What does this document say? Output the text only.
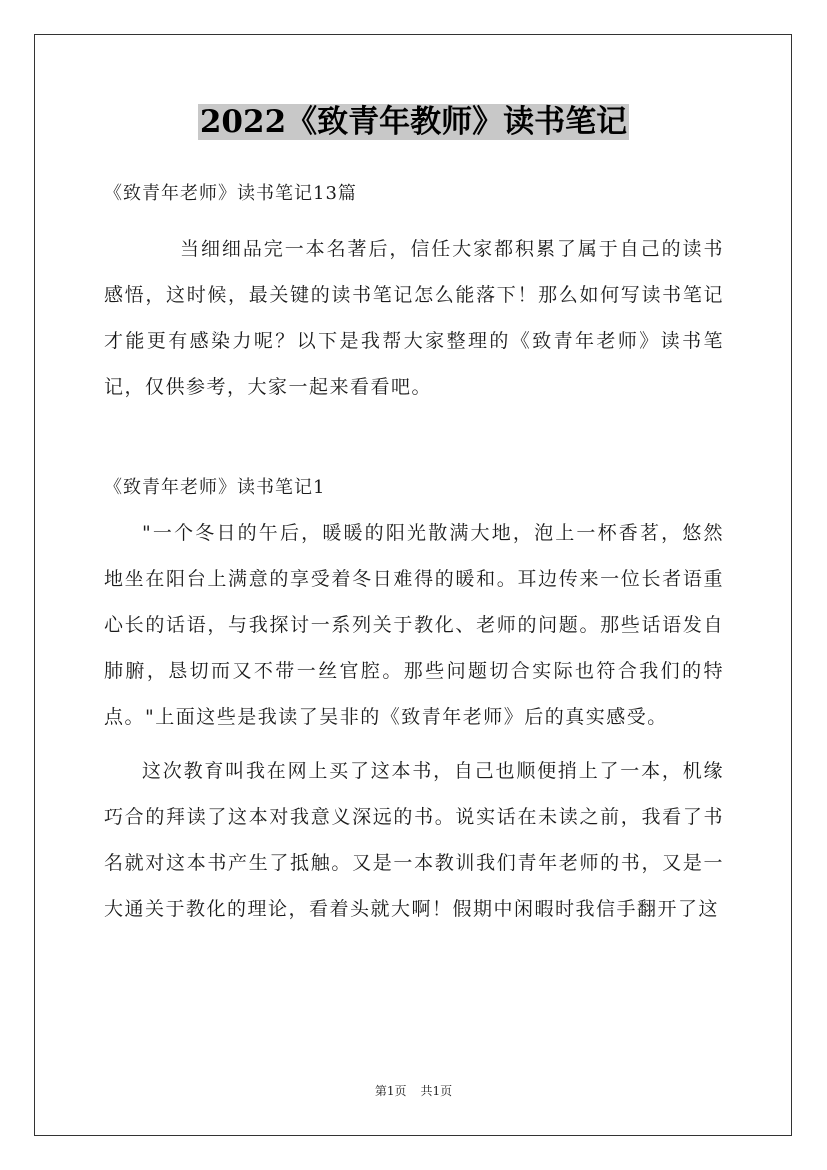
2022《致青年教师》读书笔记

《致青年老师》读书笔记13篇

当细细品完一本名著后，信任大家都积累了属于自己的读书感悟，这时候，最关键的读书笔记怎么能落下！那么如何写读书笔记才能更有感染力呢？以下是我帮大家整理的《致青年老师》读书笔记，仅供参考，大家一起来看看吧。

《致青年老师》读书笔记1

"一个冬日的午后，暖暖的阳光散满大地，泡上一杯香茗，悠然地坐在阳台上满意的享受着冬日难得的暖和。耳边传来一位长者语重心长的话语，与我探讨一系列关于教化、老师的问题。那些话语发自肺腑，恳切而又不带一丝官腔。那些问题切合实际也符合我们的特点。"上面这些是我读了吴非的《致青年老师》后的真实感受。

这次教育叫我在网上买了这本书，自己也顺便捎上了一本，机缘巧合的拜读了这本对我意义深远的书。说实话在未读之前，我看了书名就对这本书产生了抵触。又是一本教训我们青年老师的书，又是一大通关于教化的理论，看着头就大啊！假期中闲暇时我信手翻开了这

第1页 共1页
